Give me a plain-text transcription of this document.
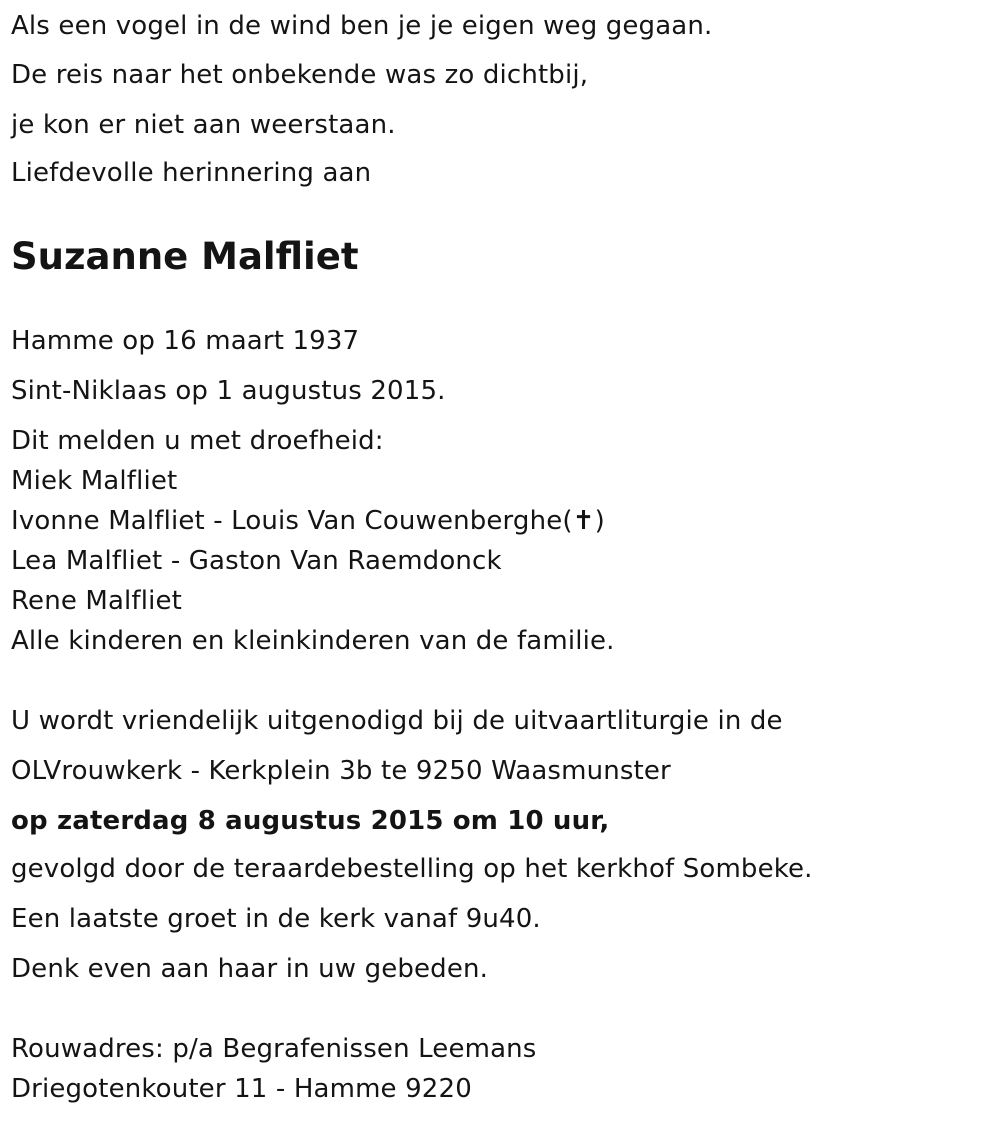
Als een vogel in de wind ben je je eigen weg gegaan.
De reis naar het onbekende was zo dichtbij,
je kon er niet aan weerstaan.
Liefdevolle herinnering aan
Suzanne Malfliet
Hamme op 16 maart 1937
Sint-Niklaas op 1 augustus 2015.
Dit melden u met droefheid:
Miek Malfliet
Ivonne Malfliet - Louis Van Couwenberghe(✝)
Lea Malfliet - Gaston Van Raemdonck
Rene Malfliet
Alle kinderen en kleinkinderen van de familie.
U wordt vriendelijk uitgenodigd bij de uitvaartliturgie in de
OLVrouwkerk - Kerkplein 3b te 9250 Waasmunster
op zaterdag 8 augustus 2015 om 10 uur,
gevolgd door de teraardebestelling op het kerkhof Sombeke.
Een laatste groet in de kerk vanaf 9u40.
Denk even aan haar in uw gebeden.
Rouwadres: p/a Begrafenissen Leemans
Driegotenkouter 11 - Hamme 9220
